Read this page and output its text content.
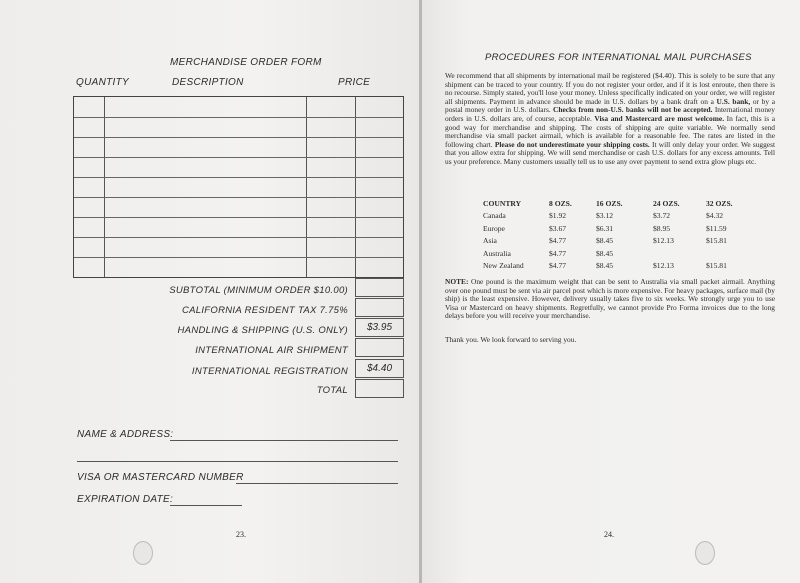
MERCHANDISE ORDER FORM
QUANTITY	DESCRIPTION	PRICE
SUBTOTAL (MINIMUM ORDER $10.00)
CALIFORNIA RESIDENT TAX 7.75%
HANDLING & SHIPPING (U.S. ONLY)	$3.95
INTERNATIONAL AIR SHIPMENT
INTERNATIONAL REGISTRATION	$4.40
TOTAL
NAME & ADDRESS:
VISA OR MASTERCARD NUMBER
EXPIRATION DATE:
23.
PROCEDURES FOR INTERNATIONAL MAIL PURCHASES

We recommend that all shipments by international mail be registered ($4.40). This is solely to be sure that any shipment can be traced to your country. If you do not register your order, and if it is lost enroute, then there is no recourse. Simply stated, you'll lose your money. Unless specifically indicated on your order, we will register all shipments. Payment in advance should be made in U.S. dollars by a bank draft on a U.S. bank, or by a postal money order in U.S. dollars. Checks from non-U.S. banks will not be accepted. International money orders in U.S. dollars are, of course, acceptable. Visa and Mastercard are most welcome. In fact, this is a good way for merchandise and shipping. The costs of shipping are quite variable. We normally send merchandise via small packet airmail, which is available for a reasonable fee. The rates are listed in the following chart. Please do not underestimate your shipping costs. It will only delay your order. We suggest that you allow extra for shipping. We will send merchandise or cash U.S. dollars for any excess amounts. Tell us your preference. Many customers usually tell us to use any over payment to send extra glow plugs etc.

COUNTRY	8 OZS.	16 OZS.	24 OZS.	32 OZS.
Canada	$1.92	$3.12	$3.72	$4.32
Europe	$3.67	$6.31	$8.95	$11.59
Asia	$4.77	$8.45	$12.13	$15.81
Australia	$4.77	$8.45		
New Zealand	$4.77	$8.45	$12.13	$15.81

NOTE: One pound is the maximum weight that can be sent to Australia via small packet airmail. Anything over one pound must be sent via air parcel post which is more expensive. For heavy packages, surface mail (by ship) is the least expensive. However, delivery usually takes five to six weeks. We strongly urge you to use Visa or Mastercard on heavy shipments. Regretfully, we cannot provide Pro Forma invoices due to the long delays before you will receive your merchandise.

Thank you. We look forward to serving you.

24.
